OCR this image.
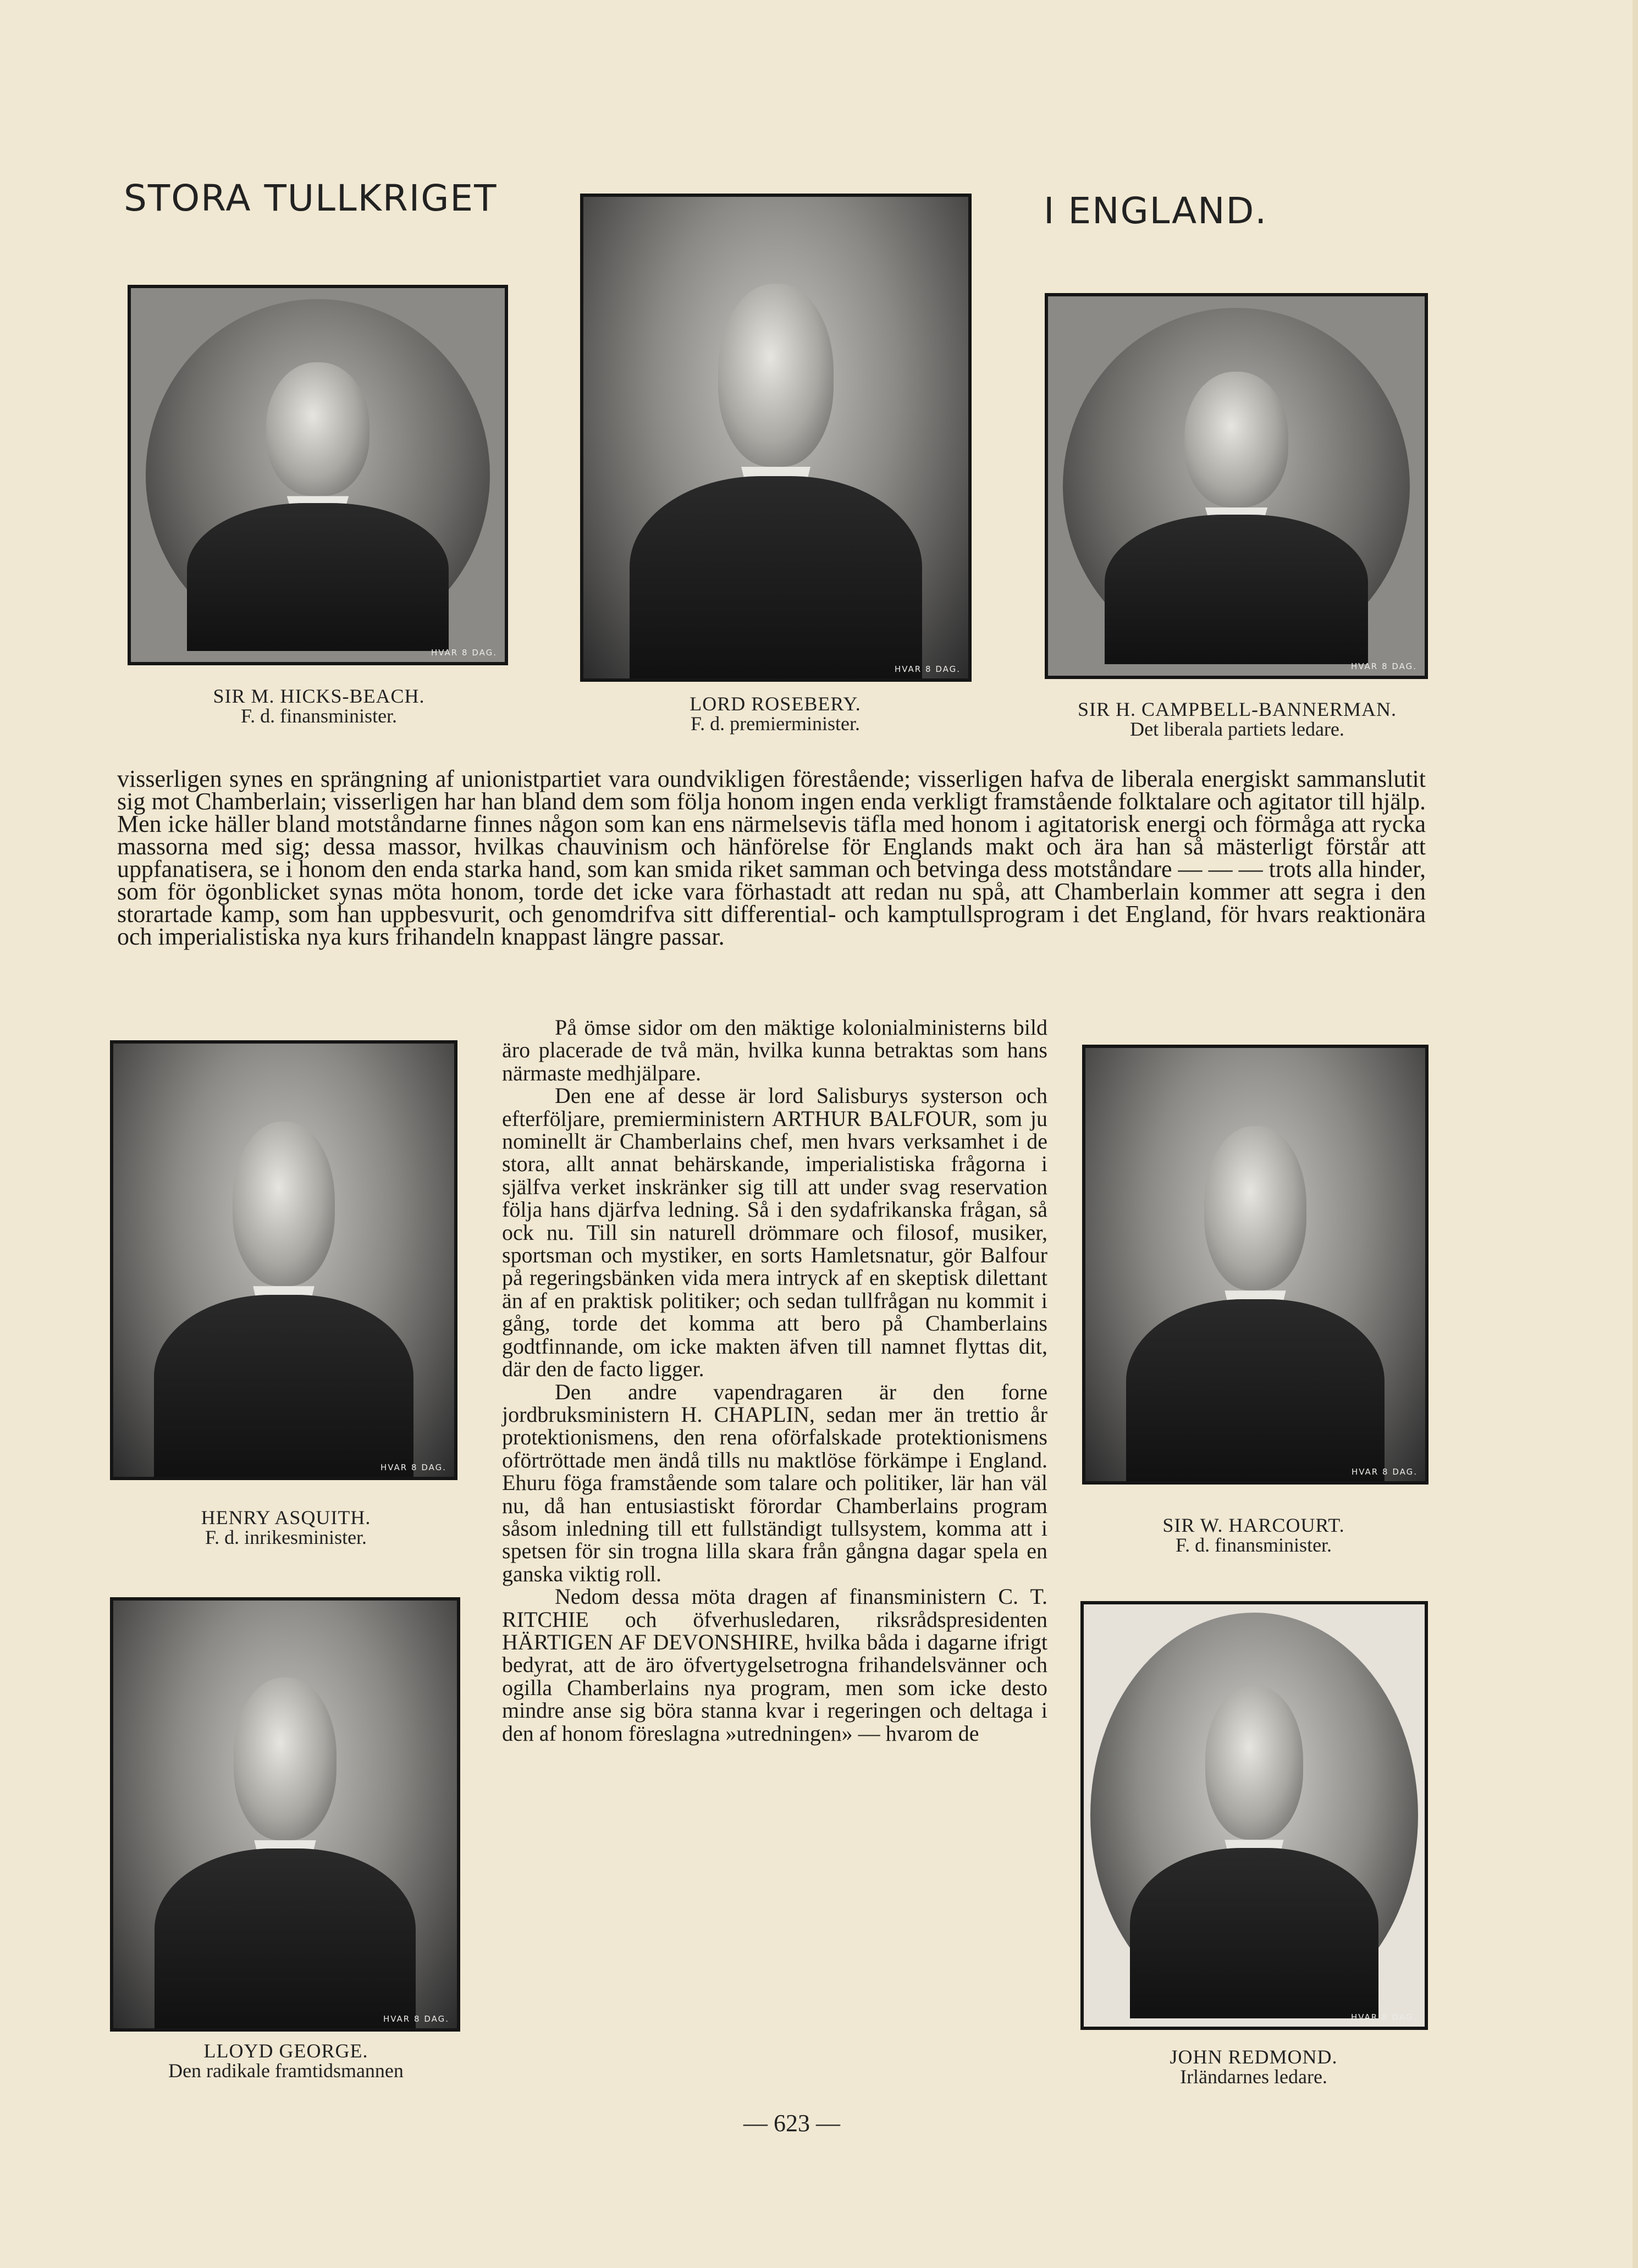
STORA TULLKRIGET	I ENGLAND.
HVAR 8 DAG.
SIR M. HICKS-BEACH.
F. d. finansminister.
HVAR 8 DAG.
LORD ROSEBERY.
F. d. premierminister.
HVAR 8 DAG.
SIR H. CAMPBELL-BANNERMAN.
Det liberala partiets ledare.
visserligen synes en sprängning af unionistpartiet vara oundvikligen förestående; visserligen hafva de liberala energiskt sammanslutit sig mot Chamberlain; visserligen har han bland dem som följa honom ingen enda verkligt framstående folktalare och agitator till hjälp. Men icke häller bland motståndarne finnes någon som kan ens närmelsevis täfla med honom i agitatorisk energi och förmåga att rycka massorna med sig; dessa massor, hvilkas chauvinism och hänförelse för Englands makt och ära han så mästerligt förstår att uppfanatisera, se i honom den enda starka hand, som kan smida riket samman och betvinga dess motståndare — — — trots alla hinder, som för ögonblicket synas möta honom, torde det icke vara förhastadt att redan nu spå, att Chamberlain kommer att segra i den storartade kamp, som han uppbesvurit, och genomdrifva sitt differential- och kamptullsprogram i det England, för hvars reaktionära och imperialistiska nya kurs frihandeln knappast längre passar.
HVAR 8 DAG.
HENRY ASQUITH.
F. d. inrikesminister.
HVAR 8 DAG.
SIR W. HARCOURT.
F. d. finansminister.

På ömse sidor om den mäktige kolonialministerns bild äro placerade de två män, hvilka kunna betraktas som hans närmaste medhjälpare.

Den ene af desse är lord Salisburys systerson och efterföljare, premierministern ARTHUR BALFOUR, som ju nominellt är Chamberlains chef, men hvars verksamhet i de stora, allt annat behärskande, imperialistiska frågorna i själfva verket inskränker sig till att under svag reservation följa hans djärfva ledning. Så i den sydafrikanska frågan, så ock nu. Till sin naturell drömmare och filosof, musiker, sportsman och mystiker, en sorts Hamletsnatur, gör Balfour på regeringsbänken vida mera intryck af en skeptisk dilettant än af en praktisk politiker; och sedan tullfrågan nu kommit i gång, torde det komma att bero på Chamberlains godtfinnande, om icke makten äfven till namnet flyttas dit, där den de facto ligger.

Den andre vapendragaren är den forne jordbruksministern H. CHAPLIN, sedan mer än trettio år protektionismens, den rena oförfalskade protektionismens oförtröttade men ändå tills nu maktlöse förkämpe i England. Ehuru föga framstående som talare och politiker, lär han väl nu, då han entusiastiskt förordar Chamberlains program såsom inledning till ett fullständigt tullsystem, komma att i spetsen för sin trogna lilla skara från gångna dagar spela en ganska viktig roll.

Nedom dessa möta dragen af finansministern C. T. RITCHIE och öfverhusledaren, riksrådspresidenten HÄRTIGEN AF DEVONSHIRE, hvilka båda i dagarne ifrigt bedyrat, att de äro öfvertygelsetrogna frihandelsvänner och ogilla Chamberlains nya program, men som icke desto mindre anse sig böra stanna kvar i regeringen och deltaga i den af honom föreslagna »utredningen» — hvarom de

HVAR 8 DAG.
LLOYD GEORGE.
Den radikale framtidsmannen
HVAR 8 DAG.
JOHN REDMOND.
Irländarnes ledare.
— 623 —
